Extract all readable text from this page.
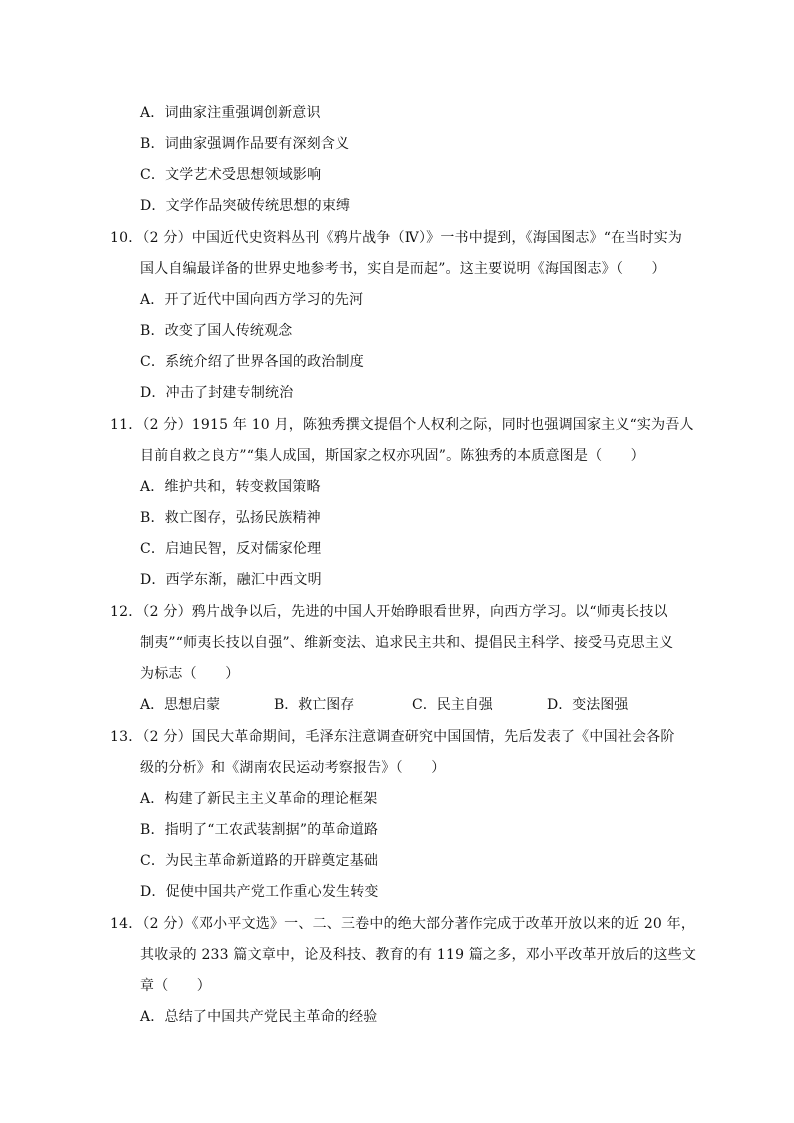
A．词曲家注重强调创新意识
B．词曲家强调作品要有深刻含义
C．文学艺术受思想领域影响
D．文学作品突破传统思想的束缚
10．（2 分）中国近代史资料丛刊《鸦片战争（Ⅳ）》一书中提到，《海国图志》“在当时实为
国人自编最详备的世界史地参考书，实自是而起”。这主要说明《海国图志》（　　）
A．开了近代中国向西方学习的先河
B．改变了国人传统观念
C．系统介绍了世界各国的政治制度
D．冲击了封建专制统治
11．（2 分）1915 年 10 月，陈独秀撰文提倡个人权利之际，同时也强调国家主义“实为吾人
目前自救之良方”“集人成国，斯国家之权亦巩固”。陈独秀的本质意图是（　　）
A．维护共和，转变救国策略
B．救亡图存，弘扬民族精神
C．启迪民智，反对儒家伦理
D．西学东渐，融汇中西文明
12．（2 分）鸦片战争以后，先进的中国人开始睁眼看世界，向西方学习。以“师夷长技以
制夷”“师夷长技以自强”、维新变法、追求民主共和、提倡民主科学、接受马克思主义
为标志（　　）
A．思想启蒙	B．救亡图存	C．民主自强	D．变法图强
13．（2 分）国民大革命期间，毛泽东注意调查研究中国国情，先后发表了《中国社会各阶
级的分析》和《湖南农民运动考察报告》（　　）
A．构建了新民主主义革命的理论框架
B．指明了“工农武装割据”的革命道路
C．为民主革命新道路的开辟奠定基础
D．促使中国共产党工作重心发生转变
14．（2 分）《邓小平文选》一、二、三卷中的绝大部分著作完成于改革开放以来的近 20 年，
其收录的 233 篇文章中，论及科技、教育的有 119 篇之多，邓小平改革开放后的这些文
章（　　）
A．总结了中国共产党民主革命的经验
